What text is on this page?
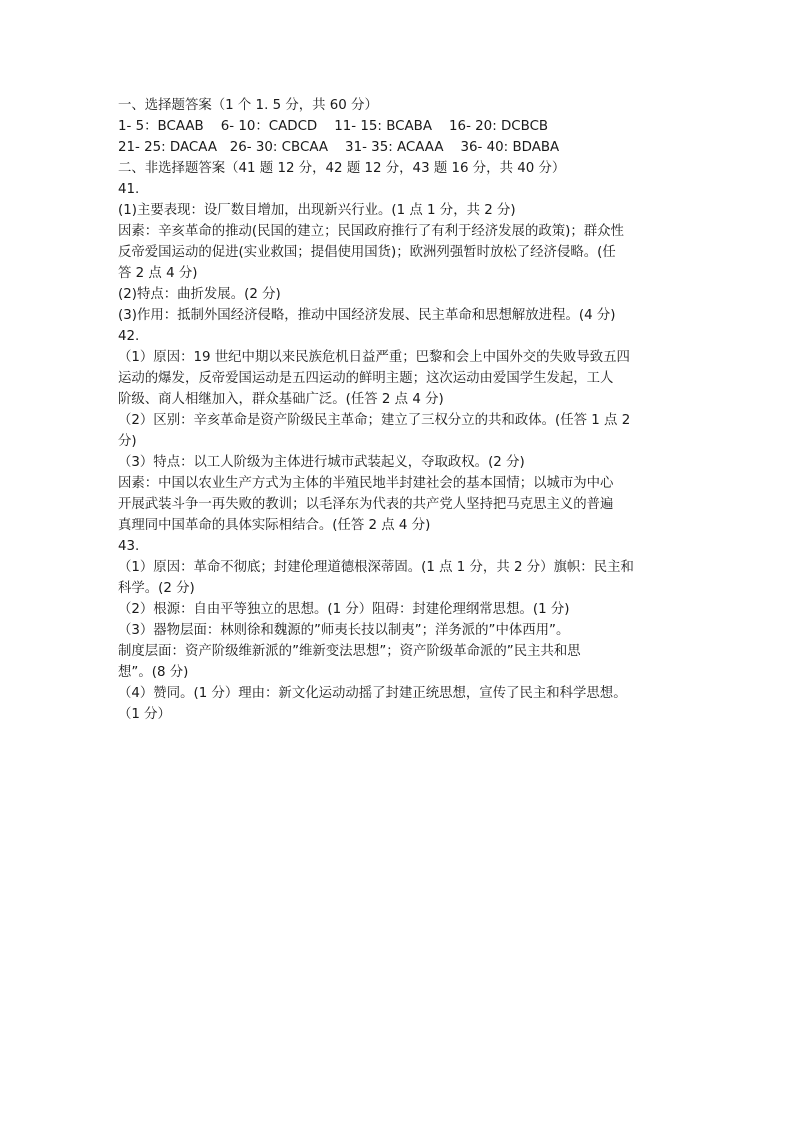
一、选择题答案（1 个 1. 5 分，共 60 分）

1- 5：BCAAB    6- 10：CADCD    11- 15: BCABA    16- 20: DCBCB

21- 25: DACAA   26- 30: CBCAA    31- 35: ACAAA    36- 40: BDABA

二、非选择题答案（41 题 12 分，42 题 12 分，43 题 16 分，共 40 分）

41.

(1)主要表现：设厂数目增加，出现新兴行业。(1 点 1 分，共 2 分)

因素：辛亥革命的推动(民国的建立；民国政府推行了有利于经济发展的政策)；群众性

反帝爱国运动的促进(实业救国；提倡使用国货)；欧洲列强暂时放松了经济侵略。(任

答 2 点 4 分)

(2)特点：曲折发展。(2 分)

(3)作用：抵制外国经济侵略，推动中国经济发展、民主革命和思想解放进程。(4 分)

42.

（1）原因：19 世纪中期以来民族危机日益严重；巴黎和会上中国外交的失败导致五四

运动的爆发，反帝爱国运动是五四运动的鲜明主题；这次运动由爱国学生发起，工人

阶级、商人相继加入，群众基础广泛。(任答 2 点 4 分)

（2）区别：辛亥革命是资产阶级民主革命；建立了三权分立的共和政体。(任答 1 点 2

分)

（3）特点：以工人阶级为主体进行城市武装起义，夺取政权。(2 分)

因素：中国以农业生产方式为主体的半殖民地半封建社会的基本国情；以城市为中心

开展武装斗争一再失败的教训；以毛泽东为代表的共产党人坚持把马克思主义的普遍

真理同中国革命的具体实际相结合。(任答 2 点 4 分)

43.

（1）原因：革命不彻底；封建伦理道德根深蒂固。(1 点 1 分，共 2 分）旗帜：民主和

科学。(2 分)

（2）根源：自由平等独立的思想。(1 分）阻碍：封建伦理纲常思想。(1 分)

（3）器物层面：林则徐和魏源的”师夷长技以制夷”；洋务派的”中体西用”。

制度层面：资产阶级维新派的”维新变法思想”；资产阶级革命派的”民主共和思

想”。(8 分)

（4）赞同。(1 分）理由：新文化运动动摇了封建正统思想，宣传了民主和科学思想。

（1 分）
